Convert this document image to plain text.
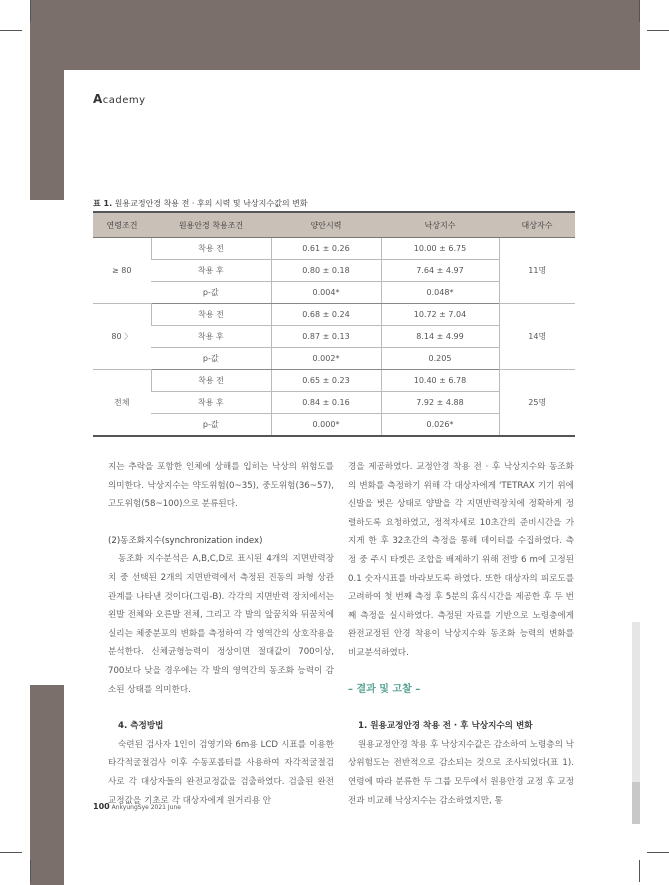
Academy
표 1. 원용교정안경 착용 전 · 후의 시력 및 낙상지수값의 변화
연령조건	원용안경 착용조건	양안시력	낙상지수	대상자수
≥ 80	착용 전	0.61 ± 0.26	10.00 ± 6.75	11명
	착용 후	0.80 ± 0.18	7.64 ± 4.97	
	p-값	0.004*	0.048*	
80 〉	착용 전	0.68 ± 0.24	10.72 ± 7.04	14명
	착용 후	0.87 ± 0.13	8.14 ± 4.99	
	p-값	0.002*	0.205	
전체	착용 전	0.65 ± 0.23	10.40 ± 6.78	25명
	착용 후	0.84 ± 0.16	7.92 ± 4.88	
	p-값	0.000*	0.026*	

지는 추락을 포함한 인체에 상해를 입히는 낙상의 위험도를 의미한다. 낙상지수는 약도위험(0~35), 중도위험(36~57), 고도위험(58~100)으로 분류된다.

(2)동조화지수(synchronization index)

동조화 지수분석은 A,B,C,D로 표시된 4개의 지면반력장치 중 선택된 2개의 지면반력에서 측정된 진동의 파형 상관관계를 나타낸 것이다(그림-B). 각각의 지면반력 장치에서는 왼발 전체와 오른발 전체, 그리고 각 발의 앞꿈치와 뒤꿈치에 실리는 체중분포의 변화를 측정하여 각 영역간의 상호작용을 분석한다. 신체균형능력이 정상이면 절대값이 700이상, 700보다 낮을 경우에는 각 발의 영역간의 동조화 능력이 감소된 상태를 의미한다.

4. 측정방법

숙련된 검사자 1인이 검영기와 6m용 LCD 시표를 이용한 타각적굴절검사 이후 수동포롭터를 사용하여 자각적굴절검사로 각 대상자들의 완전교정값을 검출하였다. 검출된 완전교정값을 기초로 각 대상자에게 원거리용 안

경을 제공하였다. 교정안경 착용 전 · 후 낙상지수와 동조화의 변화를 측정하기 위해 각 대상자에게 'TETRAX 기기 위에 신발을 벗은 상태로 양발을 각 지면반력장치에 정확하게 정렬하도록 요청하였고, 정적자세로 10초간의 준비시간을 가지게 한 후 32초간의 측정을 통해 데이터를 수집하였다. 측정 중 주시 타켓은 조합을 배제하기 위해 전방 6 m에 고정된 0.1 숫자시표를 바라보도록 하였다. 또한 대상자의 피로도를 고려하여 첫 번째 측정 후 5분의 휴식시간을 제공한 후 두 번째 측정을 실시하였다. 측정된 자료를 기반으로 노령층에게 완전교정된 안경 착용이 낙상지수와 동조화 능력의 변화를 비교분석하였다.

– 결과 및 고찰 –

1. 원용교정안경 착용 전 · 후 낙상지수의 변화

원용교정안경 착용 후 낙상지수값은 감소하여 노령층의 낙상위험도는 전반적으로 감소되는 것으로 조사되었다(표 1). 연령에 따라 분류한 두 그룹 모두에서 원용안경 교정 후 교정 전과 비교해 낙상지수는 감소하였지만, 통

100 AnkyungSye 2021 June
